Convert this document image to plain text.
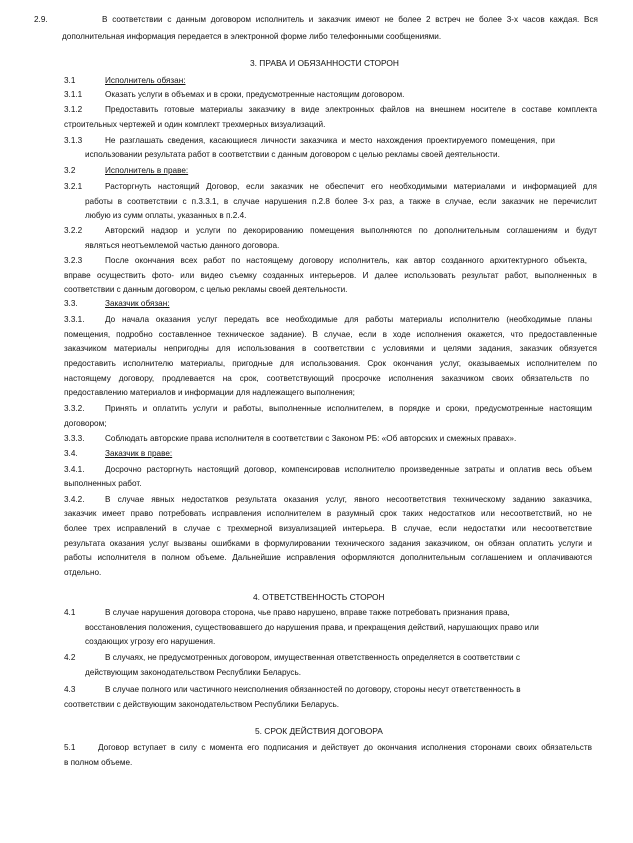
2.9.	В соответствии с данным договором исполнитель и заказчик имеют не более 2 встреч не более 3-х часов каждая. Вся
дополнительная информация передается в электронной форме либо телефонными сообщениями.
3. ПРАВА И ОБЯЗАННОСТИ СТОРОН
3.1	Исполнитель обязан:
3.1.1	Оказать услуги в объемах и в сроки, предусмотренные настоящим договором.
3.1.2	Предоставить готовые материалы заказчику в виде электронных файлов на внешнем носителе в составе комплекта
строительных чертежей и один комплект трехмерных визуализаций.
3.1.3	Не разглашать сведения, касающиеся личности заказчика и место нахождения проектируемого помещения, при
использовании результата работ в соответствии с данным договором с целью рекламы своей деятельности.
3.2	Исполнитель в праве:
3.2.1	Расторгнуть настоящий Договор, если заказчик не обеспечит его необходимыми материалами и информацией для
работы в соответствии с п.3.3.1, в случае нарушения п.2.8 более 3-х раз, а также в случае, если заказчик не перечислит
любую из сумм оплаты, указанных в п.2.4.
3.2.2	Авторский надзор и услуги по декорированию помещения выполняются по дополнительным соглашениям и будут
являться неотъемлемой частью данного договора.
3.2.3	После окончания всех работ по настоящему договору исполнитель, как автор созданного архитектурного объекта,
вправе осуществить фото- или видео съемку созданных интерьеров. И далее использовать результат работ, выполненных в
соответствии с данным договором, с целью рекламы своей деятельности.
3.3.	Заказчик обязан:
3.3.1.	До начала оказания услуг передать все необходимые для работы материалы исполнителю (необходимые планы
помещения, подробно составленное техническое задание). В случае, если в ходе исполнения окажется, что предоставленные
заказчиком материалы непригодны для использования в соответствии с условиями и целями задания, заказчик обязуется
предоставить исполнителю материалы, пригодные для использования. Срок окончания услуг, оказываемых исполнителем по
настоящему договору, продлевается на срок, соответствующий просрочке исполнения заказчиком своих обязательств по
предоставлению материалов и информации для надлежащего выполнения;
3.3.2.	Принять и оплатить услуги и работы, выполненные исполнителем, в порядке и сроки, предусмотренные настоящим
договором;
3.3.3.	Соблюдать авторские права исполнителя в соответствии с Законом РБ: «Об авторских и смежных правах».
3.4.	Заказчик в праве:
3.4.1.	Досрочно расторгнуть настоящий договор, компенсировав исполнителю произведенные затраты и оплатив весь объем
выполненных работ.
3.4.2.	В случае явных недостатков результата оказания услуг, явного несоответствия техническому заданию заказчика,
заказчик имеет право потребовать исправления исполнителем в разумный срок таких недостатков или несоответствий, но не
более трех исправлений в случае с трехмерной визуализацией интерьера. В случае, если недостатки или несоответствие
результата оказания услуг вызваны ошибками в формулировании технического задания заказчиком, он обязан оплатить услуги и
работы исполнителя в полном объеме. Дальнейшие исправления оформляются дополнительным соглашением и оплачиваются
отдельно.
4. ОТВЕТСТВЕННОСТЬ СТОРОН
4.1	В случае нарушения договора сторона, чье право нарушено, вправе также потребовать признания права,
восстановления положения, существовавшего до нарушения права, и прекращения действий, нарушающих право или
создающих угрозу его нарушения.
4.2	В случаях, не предусмотренных договором, имущественная ответственность определяется в соответствии с
действующим законодательством Республики Беларусь.
4.3	В случае полного или частичного неисполнения обязанностей по договору, стороны несут ответственность в
соответствии с действующим законодательством Республики Беларусь.
5. СРОК ДЕЙСТВИЯ ДОГОВОРА
5.1	Договор вступает в силу с момента его подписания и действует до окончания исполнения сторонами своих обязательств
в полном объеме.
